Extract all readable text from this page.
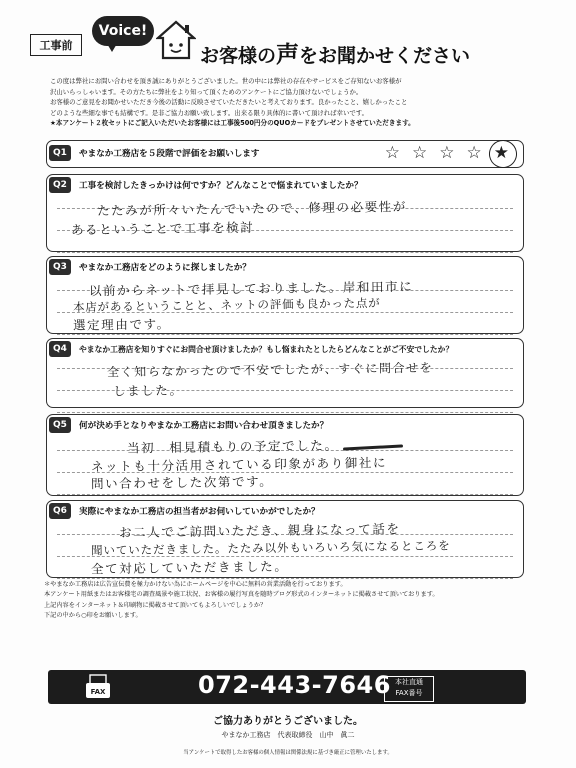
工事前
Voice!
お客様の声をお聞かせください

この度は弊社にお問い合わせを頂き誠にありがとうございました。世の中には弊社の存在やサービスをご存知ないお客様が

沢山いらっしゃいます。その方たちに弊社をより知って頂くためのアンケートにご協力頂けないでしょうか。

お客様のご意見をお聞かせいただき今後の活動に反映させていただきたいと考えております。良かったこと、嬉しかったこと

どのような些細な事でも結構です。是非ご協力お願い致します。出来る限り具体的に書いて頂ければ幸いです。

★本アンケート２枚セットにご記入いただいたお客様には工事後500円分のQUOカードをプレゼントさせていただきます。

Q1	やまなか工務店を５段階で評価をお願いします	☆ ☆ ☆ ☆ ★
Q2	工事を検討したきっかけは何ですか？どんなことで悩まれていましたか？
たたみが所々いたんでいたので、修理の必要性が
あるということで工事を検討
Q3	やまなか工務店をどのように探しましたか？
以前からネットで拝見しておりました。岸和田市に
本店があるということと、ネットの評価も良かった点が
選定理由です。
Q4	やまなか工務店を知りすぐにお問合せ頂けましたか？もし悩まれたとしたらどんなことがご不安でしたか？
全く知らなかったので不安でしたが、すぐに問合せを
しました。
Q5	何が決め手となりやまなか工務店にお問い合わせ頂きましたか？
当初　相見積もりの予定でした。
ネットも十分活用されている印象があり御社に
問い合わせをした次第です。
Q6	実際にやまなか工務店の担当者がお伺いしていかがでしたか？
お二人でご訪問いただき、親身になって話を
聞いていただきました。たたみ以外もいろいろ気になるところを
全て対応していただきました。

＊やまなか工務店は広告宣伝費を極力かけない為にホームページを中心に無料の営業活動を行っております。

本アンケート用紙またはお客様宅の調査風景や施工状況、お客様の履行写真を随時ブログ形式のインターネットに掲載させて頂いております。

上記内容をインターネット＆印刷物に掲載させて頂いてもよろしいでしょうか？

下記の中から○印をお願いします。

FAX	072-443-7646 本社直通
FAX番号
ご協力ありがとうございました。
やまなか工務店　代表取締役　山中　眞二
当アンケートで取得したお客様の個人情報は関係法規に基づき厳正に管理いたします。
